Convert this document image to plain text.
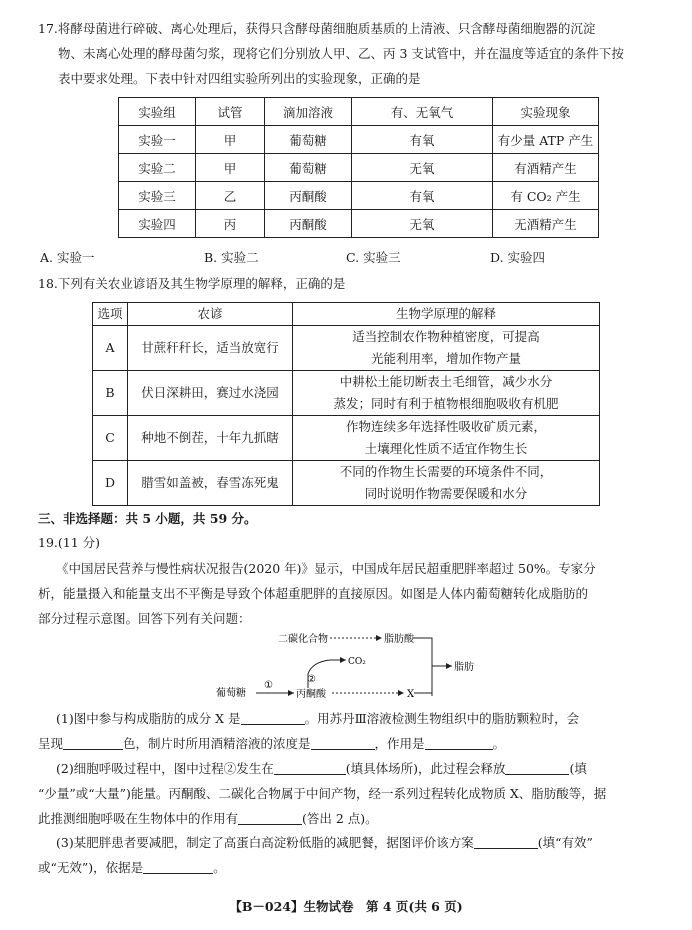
17.将酵母菌进行碎破、离心处理后，获得只含酵母菌细胞质基质的上清液、只含酵母菌细胞器的沉淀
物、未离心处理的酵母菌匀浆，现将它们分别放人甲、乙、丙 3 支试管中，并在温度等适宜的条件下按
表中要求处理。下表中针对四组实验所列出的实验现象，正确的是
实验组	试管	滴加溶液	有、无氧气	实验现象
实验一	甲	葡萄糖	有氧	有少量 ATP 产生
实验二	甲	葡萄糖	无氧	有酒精产生
实验三	乙	丙酮酸	有氧	有 CO₂ 产生
实验四	丙	丙酮酸	无氧	无酒精产生
A. 实验一	B. 实验二	C. 实验三	D. 实验四
18.下列有关农业谚语及其生物学原理的解释，正确的是
选项	农谚	生物学原理的解释
A	甘蔗秆秆长，适当放宽行	适当控制农作物种植密度，可提高
光能利用率，增加作物产量

B	伏日深耕田，赛过水浇园	中耕松土能切断表土毛细管，减少水分
蒸发；同时有利于植物根细胞吸收有机肥

C	种地不倒茬，十年九抓瞎	作物连续多年选择性吸收矿质元素，
土壤理化性质不适宜作物生长

D	腊雪如盖被，春雪冻死鬼	不同的作物生长需要的环境条件不同，
同时说明作物需要保暖和水分
三、非选择题：共 5 小题，共 59 分。
19.(11 分)
《中国居民营养与慢性病状况报告(2020 年)》显示，中国成年居民超重肥胖率超过 50%。专家分
析，能量摄入和能量支出不平衡是导致个体超重肥胖的直接原因。如图是人体内葡萄糖转化成脂肪的
部分过程示意图。回答下列有关问题：
二碳化合物	脂肪酸
脂肪
CO₂
②
葡萄糖
①
丙酮酸	X
(1)图中参与构成脂肪的成分 X 是	。用苏丹Ⅲ溶液检测生物组织中的脂肪颗粒时，会
呈现	色，制片时所用酒精溶液的浓度是	，作用是	。
(2)细胞呼吸过程中，图中过程②发生在	(填具体场所)，此过程会释放	(填
“少量”或“大量”)能量。丙酮酸、二碳化合物属于中间产物，经一系列过程转化成物质 X、脂肪酸等，据
此推测细胞呼吸在生物体中的作用有	(答出 2 点)。
(3)某肥胖患者要减肥，制定了高蛋白高淀粉低脂的减肥餐，据图评价该方案	(填“有效”
或“无效”)，依据是	。
【B－024】生物试卷　第 4 页(共 6 页)
